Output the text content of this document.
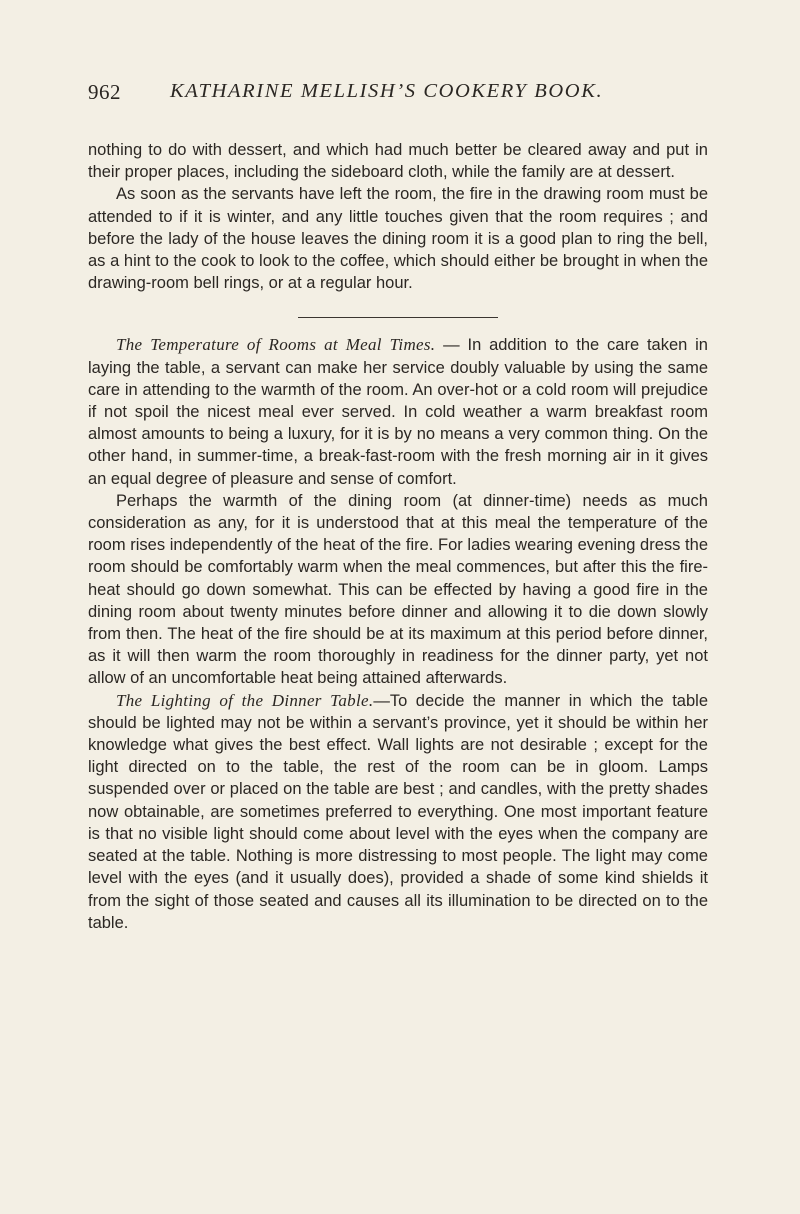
962 KATHARINE MELLISH’S COOKERY BOOK.

nothing to do with dessert, and which had much better be cleared away and put in their proper places, including the sideboard cloth, while the family are at dessert.

As soon as the servants have left the room, the fire in the drawing room must be attended to if it is winter, and any little touches given that the room requires ; and before the lady of the house leaves the dining room it is a good plan to ring the bell, as a hint to the cook to look to the coffee, which should either be brought in when the drawing-room bell rings, or at a regular hour.

The Temperature of Rooms at Meal Times. — In addition to the care taken in laying the table, a servant can make her service doubly valuable by using the same care in attending to the warmth of the room. An over-hot or a cold room will prejudice if not spoil the nicest meal ever served. In cold weather a warm breakfast room almost amounts to being a luxury, for it is by no means a very common thing. On the other hand, in summer-time, a break-fast-room with the fresh morning air in it gives an equal degree of pleasure and sense of comfort.

Perhaps the warmth of the dining room (at dinner-time) needs as much consideration as any, for it is understood that at this meal the temperature of the room rises independently of the heat of the fire. For ladies wearing evening dress the room should be comfortably warm when the meal commences, but after this the fire-heat should go down somewhat. This can be effected by having a good fire in the dining room about twenty minutes before dinner and allowing it to die down slowly from then. The heat of the fire should be at its maximum at this period before dinner, as it will then warm the room thoroughly in readiness for the dinner party, yet not allow of an uncomfortable heat being attained afterwards.

The Lighting of the Dinner Table.—To decide the manner in which the table should be lighted may not be within a servant’s province, yet it should be within her knowledge what gives the best effect. Wall lights are not desirable ; except for the light directed on to the table, the rest of the room can be in gloom. Lamps suspended over or placed on the table are best ; and candles, with the pretty shades now obtainable, are sometimes preferred to everything. One most important feature is that no visible light should come about level with the eyes when the company are seated at the table. Nothing is more distressing to most people. The light may come level with the eyes (and it usually does), provided a shade of some kind shields it from the sight of those seated and causes all its illumination to be directed on to the table.
